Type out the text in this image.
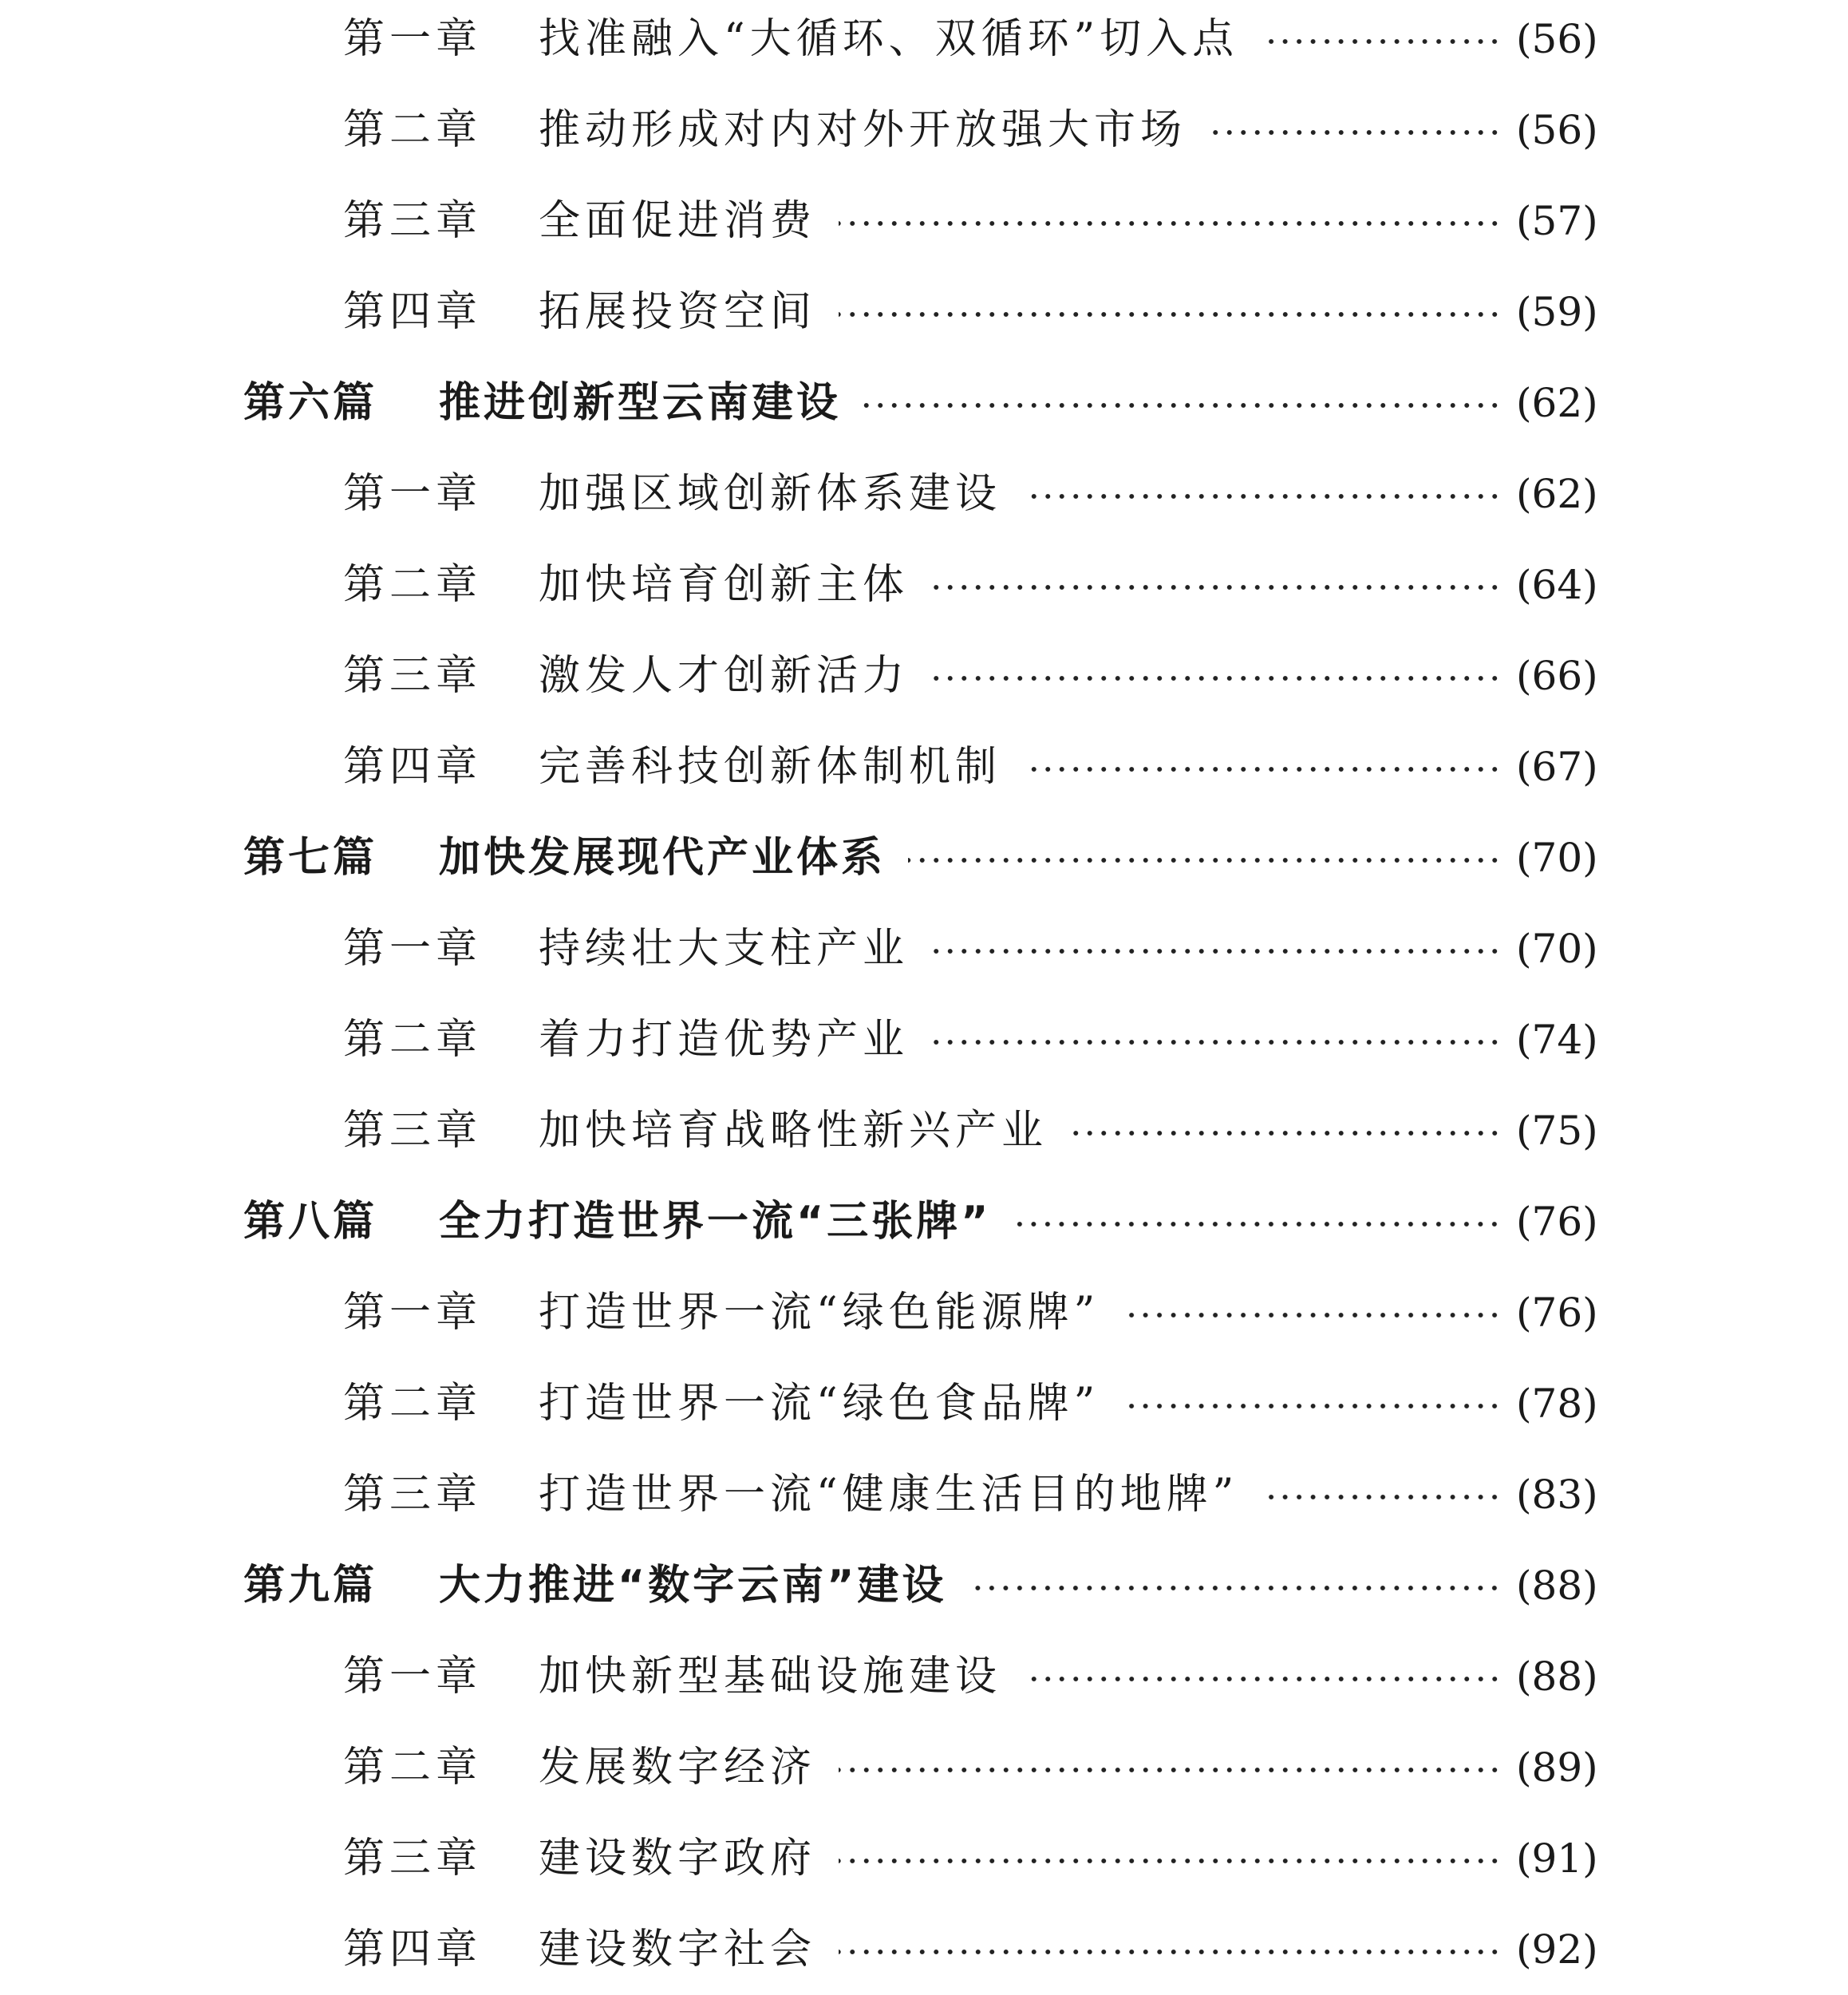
第一章 找准融入“大循环、双循环”切入点	(56)
第二章 推动形成对内对外开放强大市场	(56)
第三章 全面促进消费	(57)
第四章 拓展投资空间	(59)
第六篇 推进创新型云南建设	(62)
第一章 加强区域创新体系建设	(62)
第二章 加快培育创新主体	(64)
第三章 激发人才创新活力	(66)
第四章 完善科技创新体制机制	(67)
第七篇 加快发展现代产业体系	(70)
第一章 持续壮大支柱产业	(70)
第二章 着力打造优势产业	(74)
第三章 加快培育战略性新兴产业	(75)
第八篇 全力打造世界一流“三张牌”	(76)
第一章 打造世界一流“绿色能源牌”	(76)
第二章 打造世界一流“绿色食品牌”	(78)
第三章 打造世界一流“健康生活目的地牌”	(83)
第九篇 大力推进“数字云南”建设	(88)
第一章 加快新型基础设施建设	(88)
第二章 发展数字经济	(89)
第三章 建设数字政府	(91)
第四章 建设数字社会	(92)
